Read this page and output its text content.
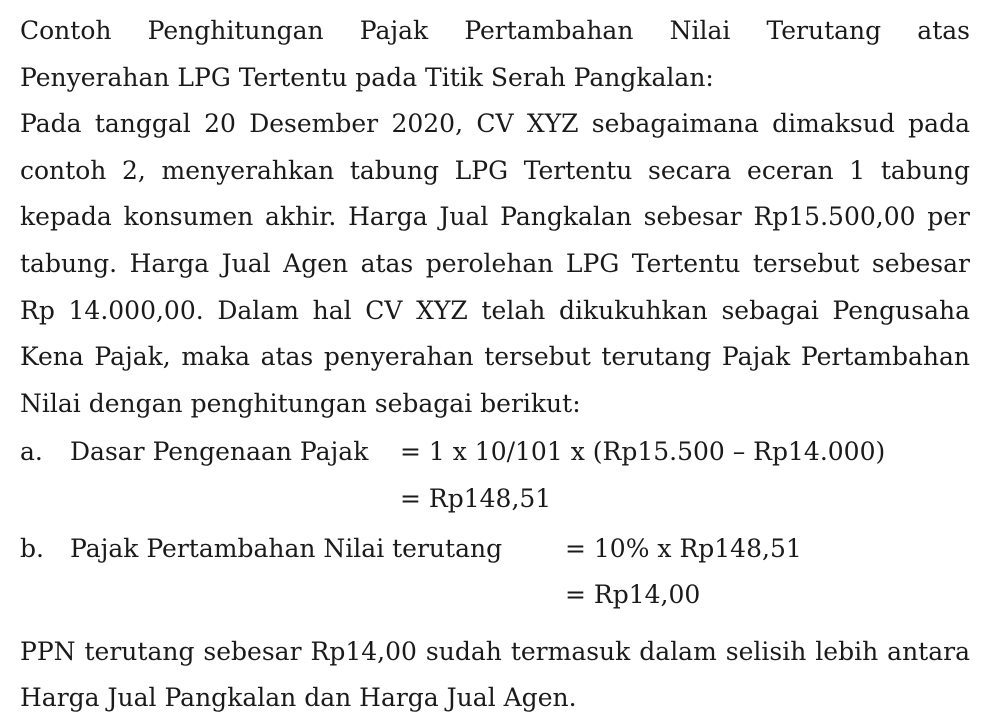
Contoh Penghitungan Pajak Pertambahan Nilai Terutang atas
Penyerahan LPG Tertentu pada Titik Serah Pangkalan:

Pada tanggal 20 Desember 2020, CV XYZ sebagaimana dimaksud pada contoh 2, menyerahkan tabung LPG Tertentu secara eceran 1 tabung kepada konsumen akhir. Harga Jual Pangkalan sebesar Rp15.500,00 per tabung. Harga Jual Agen atas perolehan LPG Tertentu tersebut sebesar Rp 14.000,00. Dalam hal CV XYZ telah dikukuhkan sebagai Pengusaha Kena Pajak, maka atas penyerahan tersebut terutang Pajak Pertambahan Nilai dengan penghitungan sebagai berikut:

a. Dasar Pengenaan Pajak = 1 x 10/101 x (Rp15.500 – Rp14.000)
= Rp148,51
b. Pajak Pertambahan Nilai terutang	= 10% x Rp148,51
= Rp14,00

PPN terutang sebesar Rp14,00 sudah termasuk dalam selisih lebih antara Harga Jual Pangkalan dan Harga Jual Agen.
